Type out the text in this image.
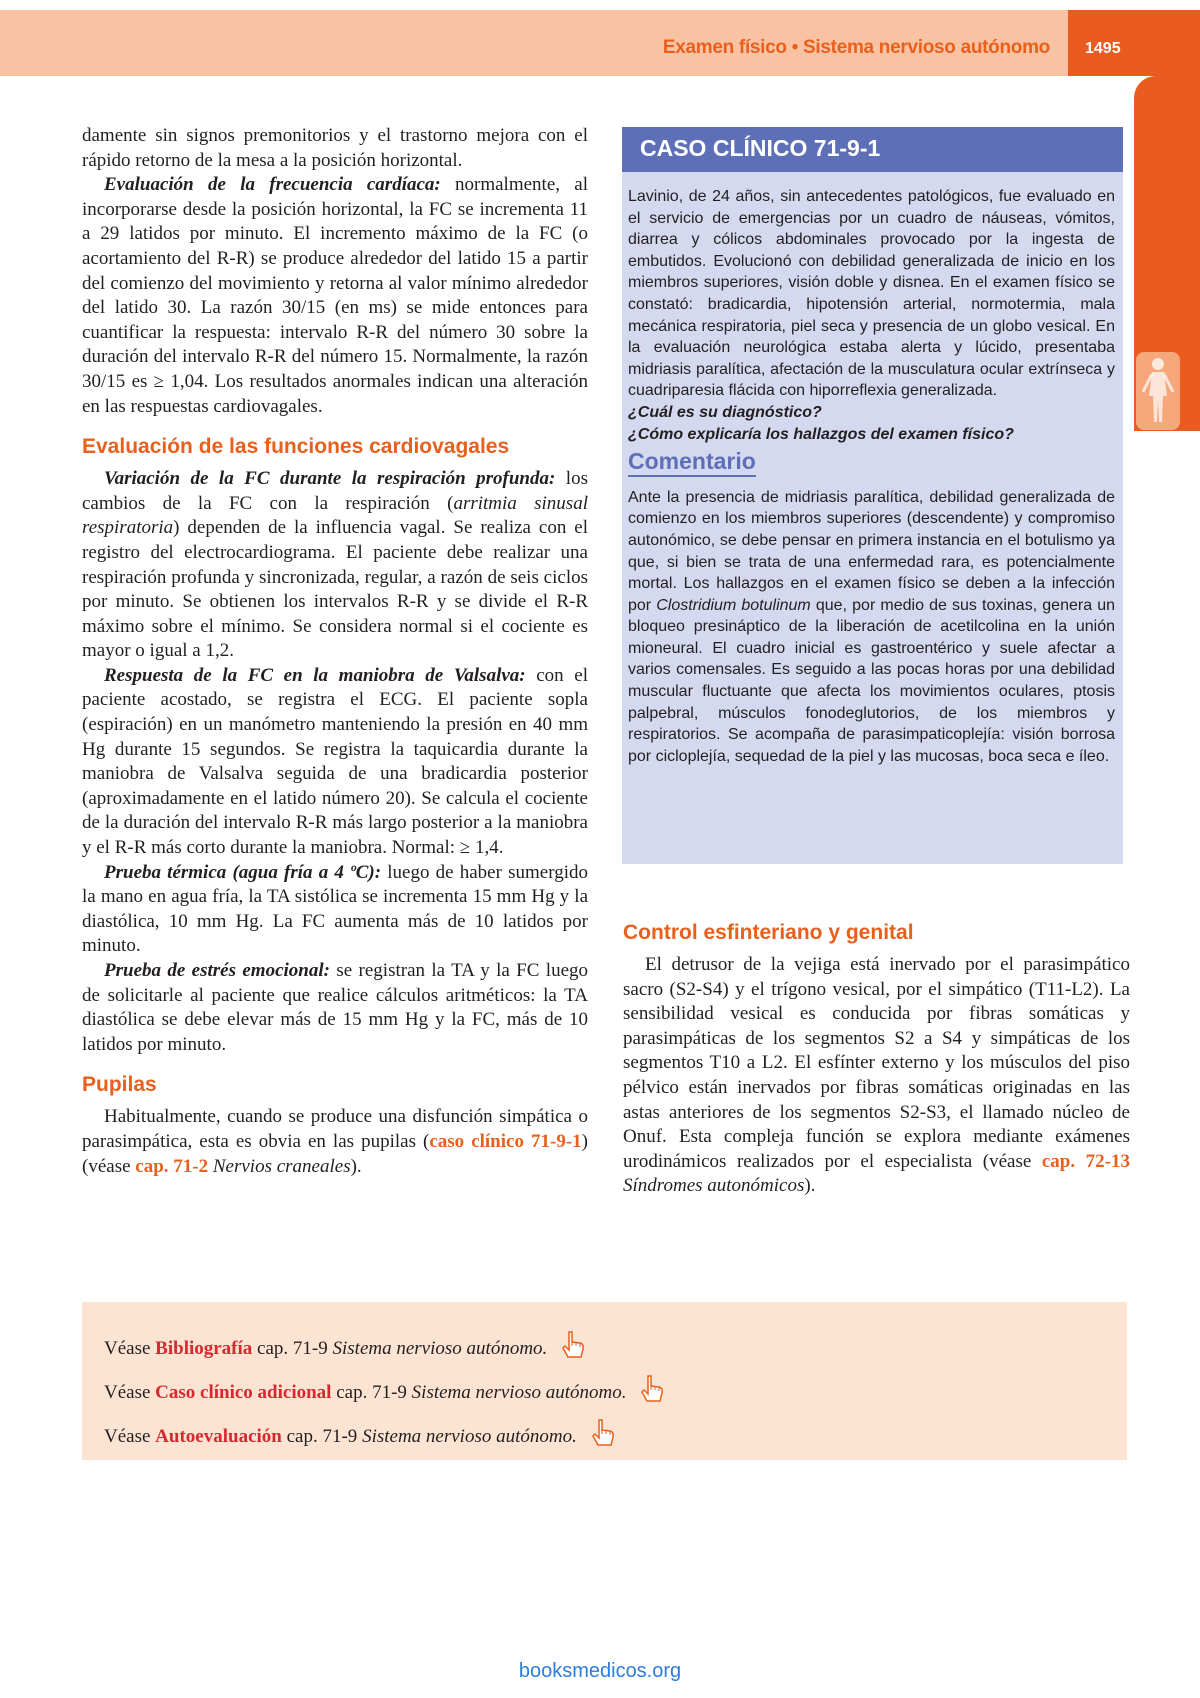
Examen físico • Sistema nervioso autónomo 1495

damente sin signos premonitorios y el trastorno mejora con el rápido retorno de la mesa a la posición horizontal.

Evaluación de la frecuencia cardíaca: normalmente, al incorporarse desde la posición horizontal, la FC se incrementa 11 a 29 latidos por minuto. El incremento máximo de la FC (o acortamiento del R-R) se produce alrededor del latido 15 a partir del comienzo del movimiento y retorna al valor mínimo alrededor del latido 30. La razón 30/15 (en ms) se mide entonces para cuantificar la respuesta: intervalo R-R del número 30 sobre la duración del intervalo R-R del número 15. Normalmente, la razón 30/15 es ≥ 1,04. Los resultados anormales indican una alteración en las respuestas cardiovagales.

Evaluación de las funciones cardiovagales

Variación de la FC durante la respiración profunda: los cambios de la FC con la respiración (arritmia sinusal respiratoria) dependen de la influencia vagal. Se realiza con el registro del electrocardiograma. El paciente debe realizar una respiración profunda y sincronizada, regular, a razón de seis ciclos por minuto. Se obtienen los intervalos R-R y se divide el R-R máximo sobre el mínimo. Se considera normal si el cociente es mayor o igual a 1,2.

Respuesta de la FC en la maniobra de Valsalva: con el paciente acostado, se registra el ECG. El paciente sopla (espiración) en un manómetro manteniendo la presión en 40 mm Hg durante 15 segundos. Se registra la taquicardia durante la maniobra de Valsalva seguida de una bradicardia posterior (aproximadamente en el latido número 20). Se calcula el cociente de la duración del intervalo R-R más largo posterior a la maniobra y el R-R más corto durante la maniobra. Normal: ≥ 1,4.

Prueba térmica (agua fría a 4 ºC): luego de haber sumergido la mano en agua fría, la TA sistólica se incrementa 15 mm Hg y la diastólica, 10 mm Hg. La FC aumenta más de 10 latidos por minuto.

Prueba de estrés emocional: se registran la TA y la FC luego de solicitarle al paciente que realice cálculos aritméticos: la TA diastólica se debe elevar más de 15 mm Hg y la FC, más de 10 latidos por minuto.

Pupilas

Habitualmente, cuando se produce una disfunción simpática o parasimpática, esta es obvia en las pupilas (caso clínico 71-9-1) (véase cap. 71-2 Nervios craneales).

CASO CLÍNICO 71-9-1

Lavinio, de 24 años, sin antecedentes patológicos, fue evaluado en el servicio de emergencias por un cuadro de náuseas, vómitos, diarrea y cólicos abdominales provocado por la ingesta de embutidos. Evolucionó con debilidad generalizada de inicio en los miembros superiores, visión doble y disnea. En el examen físico se constató: bradicardia, hipotensión arterial, normotermia, mala mecánica respiratoria, piel seca y presencia de un globo vesical. En la evaluación neurológica estaba alerta y lúcido, presentaba midriasis paralítica, afectación de la musculatura ocular extrínseca y cuadriparesia flácida con hiporreflexia generalizada.

¿Cuál es su diagnóstico?

¿Cómo explicaría los hallazgos del examen físico?

Comentario

Ante la presencia de midriasis paralítica, debilidad generalizada de comienzo en los miembros superiores (descendente) y compromiso autonómico, se debe pensar en primera instancia en el botulismo ya que, si bien se trata de una enfermedad rara, es potencialmente mortal. Los hallazgos en el examen físico se deben a la infección por Clostridium botulinum que, por medio de sus toxinas, genera un bloqueo presináptico de la liberación de acetilcolina en la unión mioneural. El cuadro inicial es gastroentérico y suele afectar a varios comensales. Es seguido a las pocas horas por una debilidad muscular fluctuante que afecta los movimientos oculares, ptosis palpebral, músculos fonodeglutorios, de los miembros y respiratorios. Se acompaña de parasimpaticoplejía: visión borrosa por cicloplejía, sequedad de la piel y las mucosas, boca seca e íleo.

Control esfinteriano y genital

El detrusor de la vejiga está inervado por el parasimpático sacro (S2-S4) y el trígono vesical, por el simpático (T11-L2). La sensibilidad vesical es conducida por fibras somáticas y parasimpáticas de los segmentos S2 a S4 y simpáticas de los segmentos T10 a L2. El esfínter externo y los músculos del piso pélvico están inervados por fibras somáticas originadas en las astas anteriores de los segmentos S2-S3, el llamado núcleo de Onuf. Esta compleja función se explora mediante exámenes urodinámicos realizados por el especialista (véase cap. 72-13 Síndromes autonómicos).

Véase Bibliografía cap. 71-9 Sistema nervioso autónomo.
Véase Caso clínico adicional cap. 71-9 Sistema nervioso autónomo.
Véase Autoevaluación cap. 71-9 Sistema nervioso autónomo.
booksmedicos.org
